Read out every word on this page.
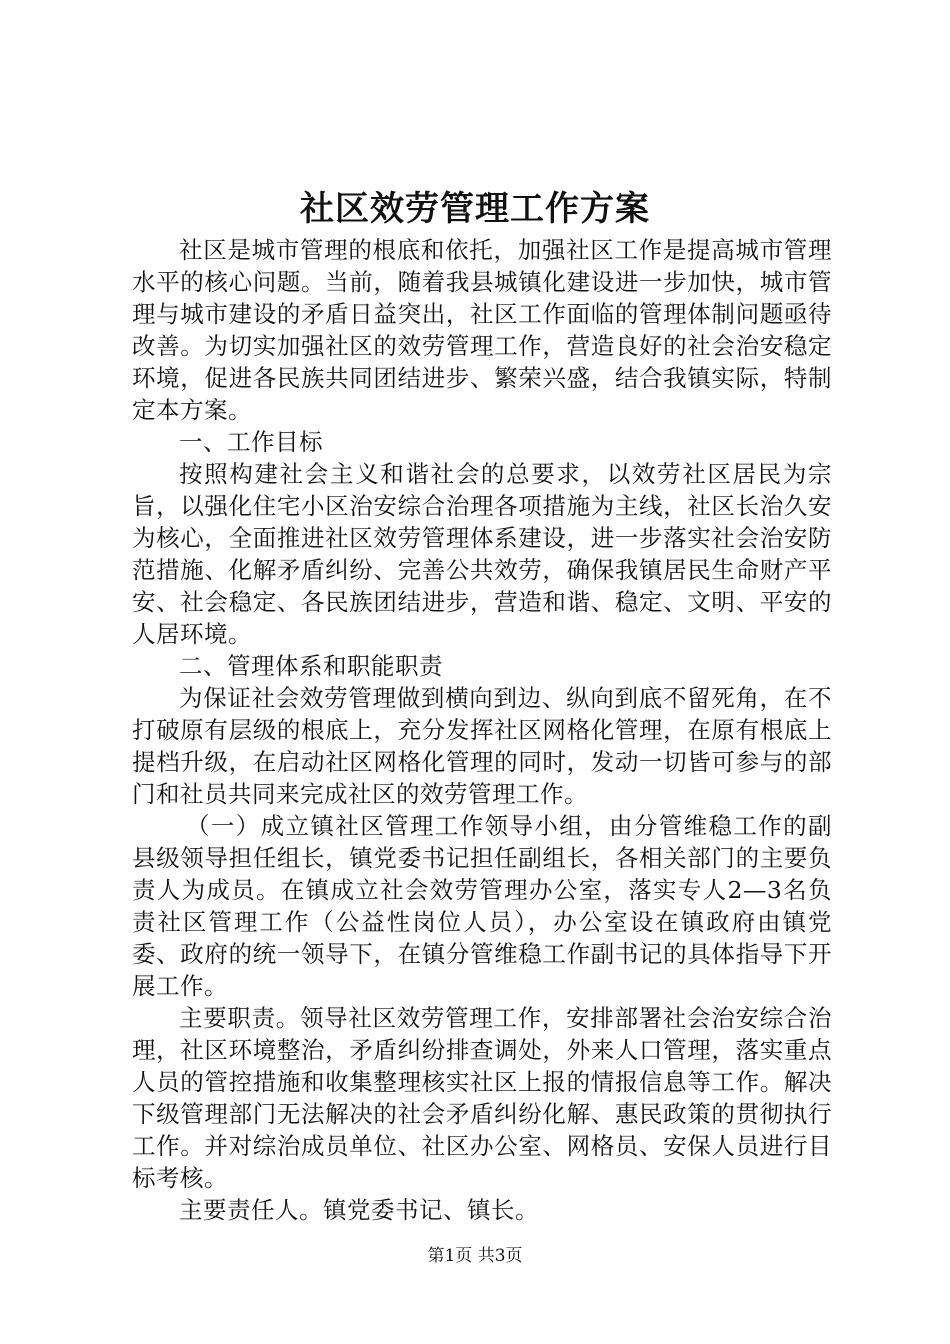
社区效劳管理工作方案

社区是城市管理的根底和依托，加强社区工作是提高城市管理水平的核心问题。当前，随着我县城镇化建设进一步加快，城市管理与城市建设的矛盾日益突出，社区工作面临的管理体制问题亟待改善。为切实加强社区的效劳管理工作，营造良好的社会治安稳定环境，促进各民族共同团结进步、繁荣兴盛，结合我镇实际，特制定本方案。

一、工作目标

按照构建社会主义和谐社会的总要求，以效劳社区居民为宗旨，以强化住宅小区治安综合治理各项措施为主线，社区长治久安为核心，全面推进社区效劳管理体系建设，进一步落实社会治安防范措施、化解矛盾纠纷、完善公共效劳，确保我镇居民生命财产平安、社会稳定、各民族团结进步，营造和谐、稳定、文明、平安的人居环境。

二、管理体系和职能职责

为保证社会效劳管理做到横向到边、纵向到底不留死角，在不打破原有层级的根底上，充分发挥社区网格化管理，在原有根底上提档升级，在启动社区网格化管理的同时，发动一切皆可参与的部门和社员共同来完成社区的效劳管理工作。

（一）成立镇社区管理工作领导小组，由分管维稳工作的副县级领导担任组长，镇党委书记担任副组长，各相关部门的主要负责人为成员。在镇成立社会效劳管理办公室，落实专人2—3名负责社区管理工作（公益性岗位人员），办公室设在镇政府由镇党委、政府的统一领导下，在镇分管维稳工作副书记的具体指导下开展工作。

主要职责。领导社区效劳管理工作，安排部署社会治安综合治理，社区环境整治，矛盾纠纷排查调处，外来人口管理，落实重点人员的管控措施和收集整理核实社区上报的情报信息等工作。解决下级管理部门无法解决的社会矛盾纠纷化解、惠民政策的贯彻执行工作。并对综治成员单位、社区办公室、网格员、安保人员进行目标考核。

主要责任人。镇党委书记、镇长。

第1页 共3页
